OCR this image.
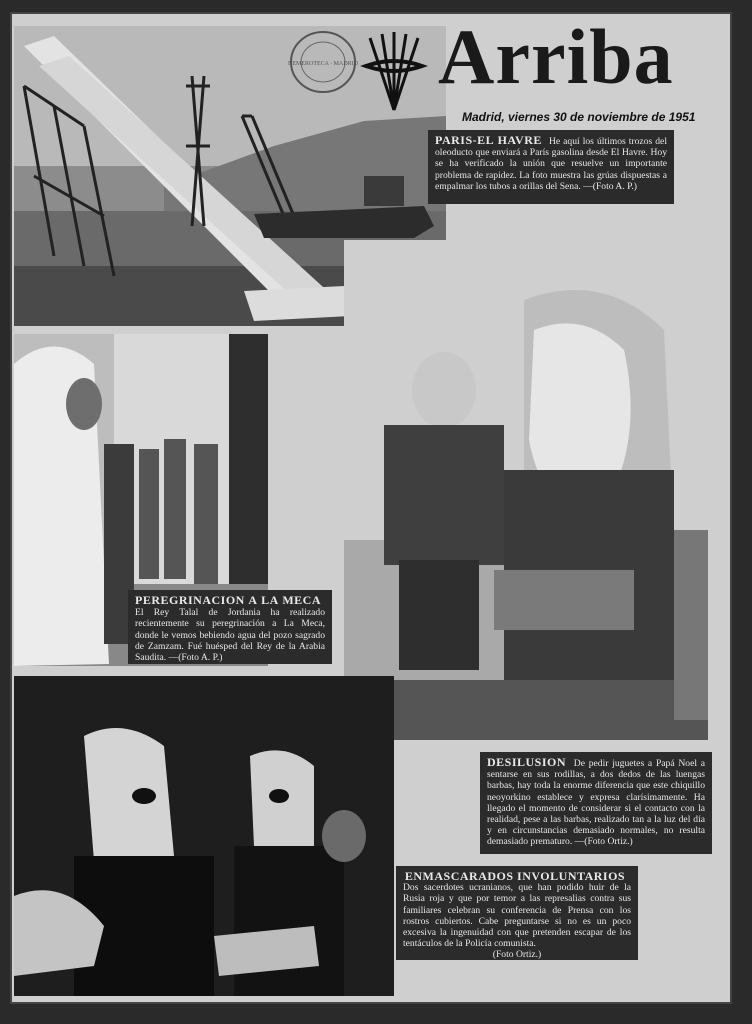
HEMEROTECA · MADRID Arriba
Madrid, viernes 30 de noviembre de 1951
PARIS-EL HAVRE He aquí los últimos trozos del oleoducto que enviará a París gasolina desde El Havre. Hoy se ha verificado la unión que resuelve un importante problema de rapidez. La foto muestra las grúas dispuestas a empalmar los tubos a orillas del Sena. —(Foto A. P.)
PEREGRINACION A LA MECA El Rey Talal de Jordania ha realizado recientemente su peregrinación a La Meca, donde le vemos bebiendo agua del pozo sagrado de Zamzam. Fué huésped del Rey de la Arabia Saudita. —(Foto A. P.)
DESILUSION De pedir juguetes a Papá Noel a sentarse en sus rodillas, a dos dedos de las luengas barbas, hay toda la enorme diferencia que este chiquillo neoyorkino establece y expresa clarísimamente. Ha llegado el momento de considerar si el contacto con la realidad, pese a las barbas, realizado tan a la luz del día y en circunstancias demasiado normales, no resulta demasiado prematuro. —(Foto Ortiz.)
ENMASCARADOS INVOLUNTARIOS
Dos sacerdotes ucranianos, que han podido huir de la Rusia roja y que por temor a las represalias contra sus familiares celebran su conferencia de Prensa con los rostros cubiertos. Cabe preguntarse si no es un poco excesiva la ingenuidad con que pretenden escapar de los tentáculos de la Policía comunista.
(Foto Ortiz.)
